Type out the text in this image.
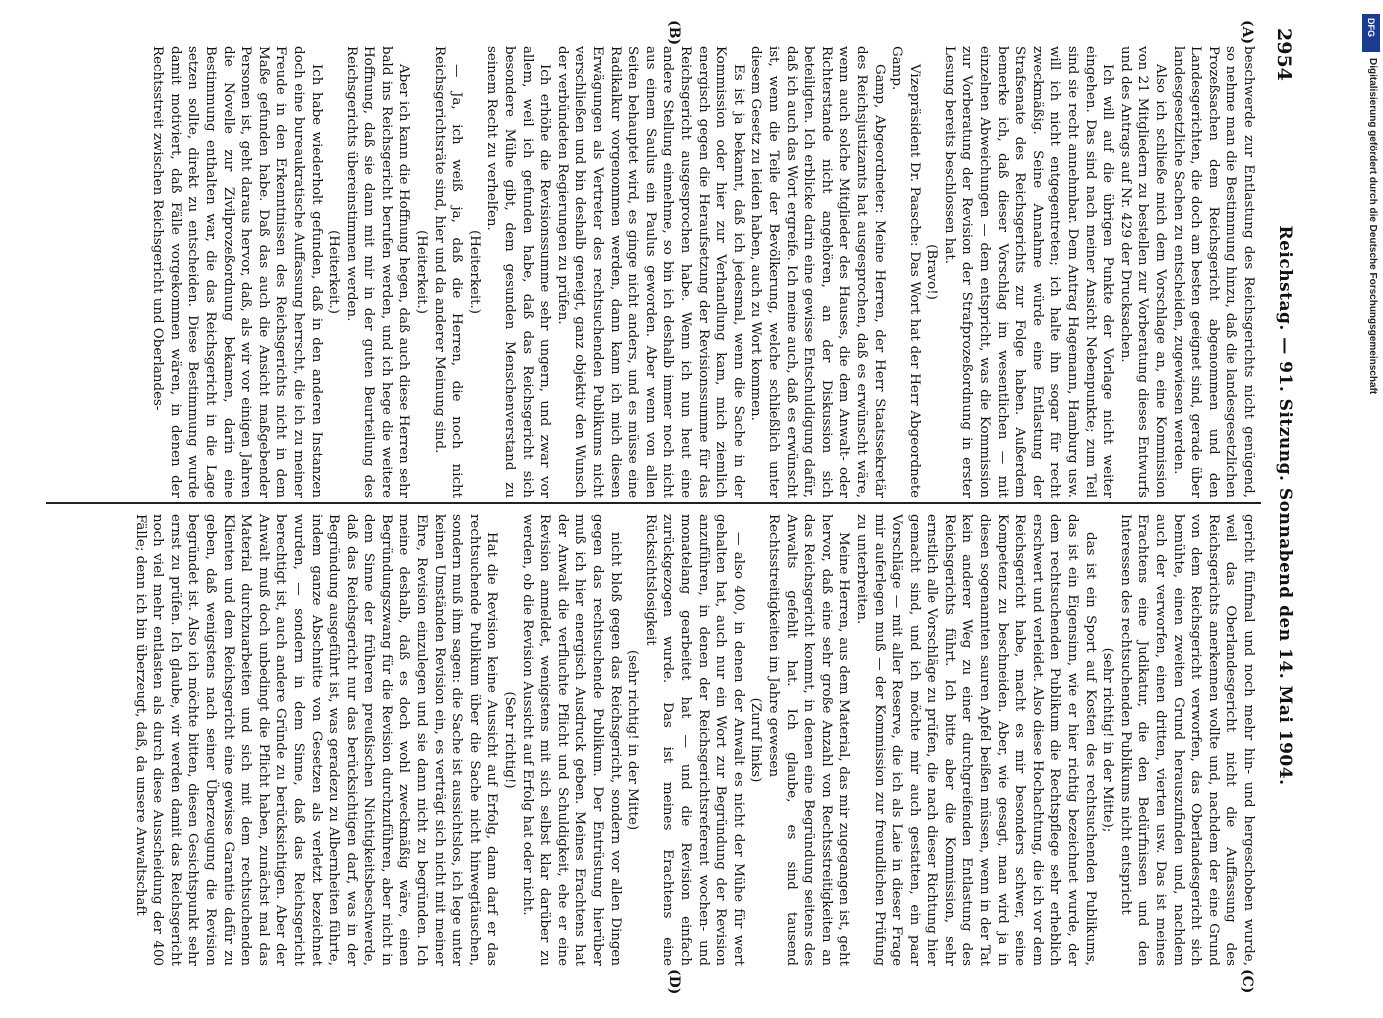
Reichstag. — 91. Sitzung. Sonnabend den 14. Mai 1904.
2954
(A)
(B)
(C)
(D)

beschwerde zur Entlastung des Reichsgerichts nicht genügend, so nehme man die Bestimmung hinzu, daß die landesgesetzlichen Prozeßsachen dem Reichsgericht abgenommen und den Landesgerichten, die doch am besten geeignet sind, gerade über landesgesetzliche Sachen zu entscheiden, zugewiesen werden.

Also ich schließe mich dem Vorschlage an, eine Kommission von 21 Mitgliedern zu bestellen zur Vorberatung dieses Entwurfs und des Antrags auf Nr. 429 der Drucksachen.

Ich will auf die übrigen Punkte der Vorlage nicht weiter eingehen. Das sind nach meiner Ansicht Nebenpunkte; zum Teil sind sie recht annehmbar. Dem Antrag Hagemann, Hamburg usw. will ich nicht entgegentreten; ich halte ihn sogar für recht zweckmäßig. Seine Annahme würde eine Entlastung der Strafsenate des Reichsgerichts zur Folge haben. Außerdem bemerke ich, daß dieser Vorschlag im wesentlichen — mit einzelnen Abweichungen — dem entspricht, was die Kommission zur Vorberatung der Revision der Strafprozeßordnung in erster Lesung bereits beschlossen hat.

(Bravo!)

Vizepräsident Dr. Paasche: Das Wort hat der Herr Abgeordnete Gamp.

Gamp, Abgeordneter: Meine Herren, der Herr Staatssekretär des Reichsjustizamts hat ausgesprochen, daß es erwünscht wäre, wenn auch solche Mitglieder des Hauses, die dem Anwalt- oder Richterstande nicht angehören, an der Diskussion sich beteiligten. Ich erblicke darin eine gewisse Entschuldigung dafür, daß ich auch das Wort ergreife. Ich meine auch, daß es erwünscht ist, wenn die Teile der Bevölkerung, welche schließlich unter diesem Gesetz zu leiden haben, auch zu Wort kommen.

Es ist ja bekannt, daß ich jedesmal, wenn die Sache in der Kommission oder hier zur Verhandlung kam, mich ziemlich energisch gegen die Heraufsetzung der Revisionssumme für das Reichsgericht ausgesprochen habe. Wenn ich nun heut eine andere Stellung einnehme, so bin ich deshalb immer noch nicht aus einem Saulus ein Paulus geworden. Aber wenn von allen Seiten behauptet wird, es ginge nicht anders, und es müsse eine Radikalkur vorgenommen werden, dann kann ich mich diesen Erwägungen als Vertreter des rechtsuchenden Publikums nicht verschließen und bin deshalb geneigt, ganz objektiv den Wunsch der verbündeten Regierungen zu prüfen.

Ich erhöhe die Revisionssumme sehr ungern, und zwar vor allem, weil ich gefunden habe, daß das Reichsgericht sich besondere Mühe gibt, dem gesunden Menschenverstand zu seinem Recht zu verhelfen.

(Heiterkeit.)

— Ja, ich weiß ja, daß die Herren, die noch nicht Reichsgerichtsräte sind, hier und da anderer Meinung sind.

(Heiterkeit.)

Aber ich kann die Hoffnung hegen, daß auch diese Herren sehr bald ins Reichsgericht berufen werden, und ich hege die weitere Hoffnung, daß sie dann mit mir in der guten Beurteilung des Reichsgerichts übereinstimmen werden.

(Heiterkeit.)

Ich habe wiederholt gefunden, daß in den anderen Instanzen doch eine bureaukratische Auffassung herrscht, die ich zu meiner Freude in den Erkenntnissen des Reichsgerichts nicht in dem Maße gefunden habe. Daß das auch die Ansicht maßgebender Personen ist, geht daraus hervor, daß, als wir vor einigen Jahren die Novelle zur Zivilprozeßordnung bekamen, darin eine Bestimmung enthalten war, die das Reichsgericht in die Lage setzen sollte, direkt zu entscheiden. Diese Bestimmung wurde damit motiviert, daß Fälle vorgekommen wären, in denen der Rechtsstreit zwischen Reichsgericht und Oberlandes-

gericht fünfmal und noch mehr hin- und hergeschoben wurde, weil das Oberlandesgericht nicht die Auffassung des Reichsgerichts anerkennen wollte und, nachdem der eine Grund von dem Reichsgericht verworfen, das Oberlandesgericht sich bemühte, einen zweiten Grund herauszufinden und, nachdem auch der verworfen, einen dritten, vierten usw. Das ist meines Erachtens eine Judikatur, die den Bedürfnissen und den Interessen des rechtsuchenden Publikums nicht entspricht

(sehr richtig! in der Mitte);

das ist ein Sport auf Kosten des rechtsuchenden Publikums, das ist ein Eigensinn, wie er hier richtig bezeichnet wurde, der dem rechtsuchenden Publikum die Rechtspflege sehr erheblich erschwert und verleidet. Also diese Hochachtung, die ich vor dem Reichsgericht habe, macht es mir besonders schwer, seine Kompetenz zu beschneiden. Aber, wie gesagt, man wird ja in diesen sogenannten sauren Apfel beißen müssen, wenn in der Tat kein anderer Weg zu einer durchgreifenden Entlastung des Reichsgerichts führt. Ich bitte aber die Kommission, sehr ernstlich alle Vorschläge zu prüfen, die nach dieser Richtung hier gemacht sind, und ich möchte mir auch gestatten, ein paar Vorschläge — mit aller Reserve, die ich als Laie in dieser Frage mir auferlegen muß — der Kommission zur freundlichen Prüfung zu unterbreiten.

Meine Herren, aus dem Material, das mir zugegangen ist, geht hervor, daß eine sehr große Anzahl von Rechtsstreitigkeiten an das Reichsgericht kommt, in denen eine Begründung seitens des Anwalts gefehlt hat. Ich glaube, es sind tausend Rechtsstreitigkeiten im Jahre gewesen

(Zuruf links)

— also 400, in denen der Anwalt es nicht der Mühe für wert gehalten hat, auch nur ein Wort zur Begründung der Revision anzuführen, in denen der Reichsgerichtsreferent wochen- und monatelang gearbeitet hat — und die Revision einfach zurückgezogen wurde. Das ist meines Erachtens eine Rücksichtslosigkeit

(sehr richtig! in der Mitte)

nicht bloß gegen das Reichsgericht, sondern vor allen Dingen gegen das rechtsuchende Publikum. Der Entrüstung hierüber muß ich hier energisch Ausdruck geben. Meines Erachtens hat der Anwalt die verfluchte Pflicht und Schuldigkeit, ehe er eine Revision anmeldet, wenigstens mit sich selbst klar darüber zu werden, ob die Revision Aussicht auf Erfolg hat oder nicht.

(Sehr richtig!)

Hat die Revision keine Aussicht auf Erfolg, dann darf er das rechtsuchende Publikum über die Sache nicht hinwegtäuschen, sondern muß ihm sagen: die Sache ist aussichtslos, ich lege unter keinen Umständen Revision ein, es verträgt sich nicht mit meiner Ehre, Revision einzulegen und sie dann nicht zu begründen. Ich meine deshalb, daß es doch wohl zweckmäßig wäre, einen Begründungszwang für die Revision durchzuführen, aber nicht in dem Sinne der früheren preußischen Nichtigkeitsbeschwerde, daß das Reichsgericht nur das berücksichtigen darf, was in der Begründung ausgeführt ist, was geradezu zu Albernheiten führte, indem ganze Abschnitte von Gesetzen als verletzt bezeichnet wurden, — sondern in dem Sinne, daß das Reichsgericht berechtigt ist, auch andere Gründe zu berücksichtigen. Aber der Anwalt muß doch unbedingt die Pflicht haben, zunächst mal das Material durchzuarbeiten und sich mit dem rechtsuchenden Klienten und dem Reichsgericht eine gewisse Garantie dafür zu geben, daß wenigstens nach seiner Überzeugung die Revision begründet ist. Also ich möchte bitten, diesen Gesichtspunkt sehr ernst zu prüfen. Ich glaube, wir werden damit das Reichsgericht noch viel mehr entlasten als durch diese Ausscheidung der 400 Fälle; denn ich bin überzeugt, daß, da unsere Anwaltschaft

DFG
Digitalisierung gefördert durch die Deutsche Forschungsgemeinschaft
